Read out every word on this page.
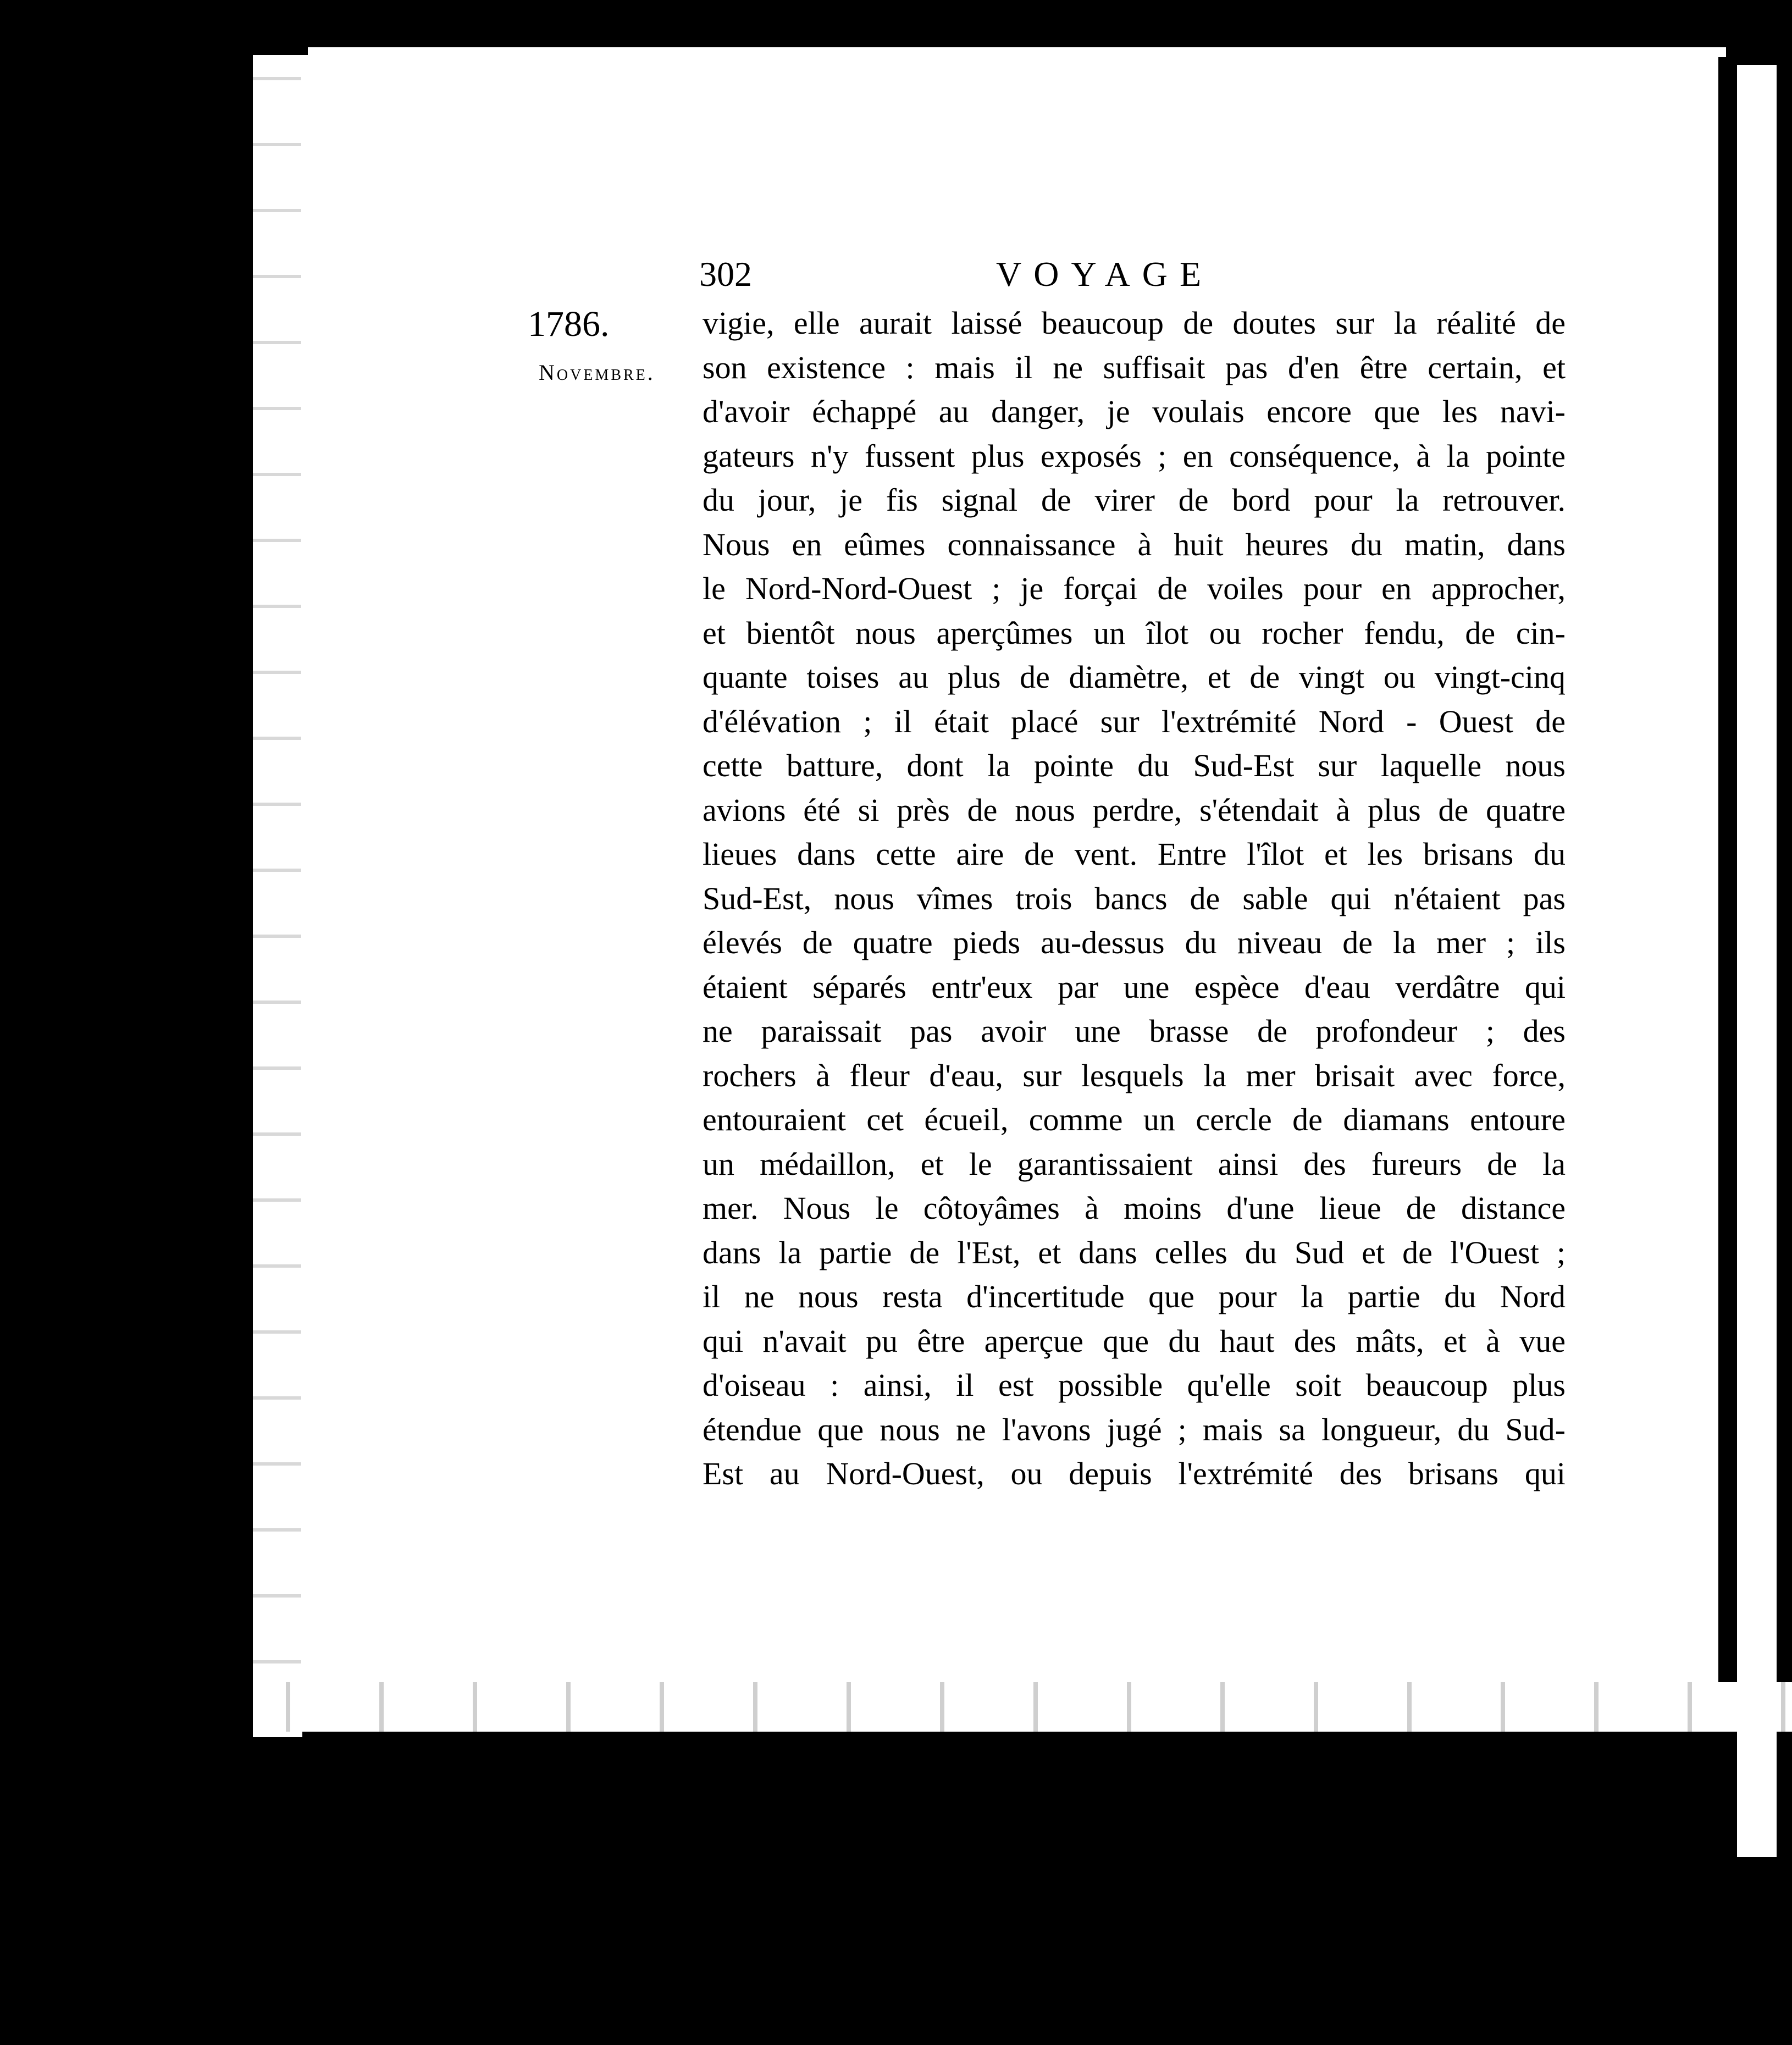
302	VOYAGE
1786.
Novembre.
vigie, elle aurait laissé beaucoup de doutes sur la réalité de
son existence : mais il ne suffisait pas d'en être certain, et
d'avoir échappé au danger, je voulais encore que les navi-
gateurs n'y fussent plus exposés ; en conséquence, à la pointe
du jour, je fis signal de virer de bord pour la retrouver.
Nous en eûmes connaissance à huit heures du matin, dans
le Nord-Nord-Ouest ; je forçai de voiles pour en approcher,
et bientôt nous aperçûmes un îlot ou rocher fendu, de cin-
quante toises au plus de diamètre, et de vingt ou vingt-cinq
d'élévation ; il était placé sur l'extrémité Nord - Ouest de
cette batture, dont la pointe du Sud-Est sur laquelle nous
avions été si près de nous perdre, s'étendait à plus de quatre
lieues dans cette aire de vent. Entre l'îlot et les brisans du
Sud-Est, nous vîmes trois bancs de sable qui n'étaient pas
élevés de quatre pieds au-dessus du niveau de la mer ; ils
étaient séparés entr'eux par une espèce d'eau verdâtre qui
ne paraissait pas avoir une brasse de profondeur ; des
rochers à fleur d'eau, sur lesquels la mer brisait avec force,
entouraient cet écueil, comme un cercle de diamans entoure
un médaillon, et le garantissaient ainsi des fureurs de la
mer. Nous le côtoyâmes à moins d'une lieue de distance
dans la partie de l'Est, et dans celles du Sud et de l'Ouest ;
il ne nous resta d'incertitude que pour la partie du Nord
qui n'avait pu être aperçue que du haut des mâts, et à vue
d'oiseau : ainsi, il est possible qu'elle soit beaucoup plus
étendue que nous ne l'avons jugé ; mais sa longueur, du Sud-
Est au Nord-Ouest, ou depuis l'extrémité des brisans qui
